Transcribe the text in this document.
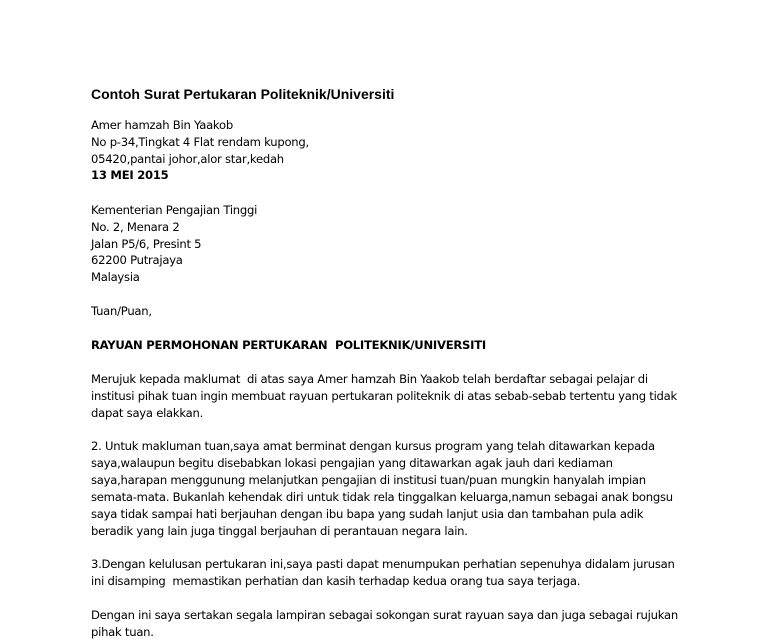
Contoh Surat Pertukaran Politeknik/Universiti
Amer hamzah Bin Yaakob
No p-34,Tingkat 4 Flat rendam kupong,
05420,pantai johor,alor star,kedah
13 MEI 2015
Kementerian Pengajian Tinggi
No. 2, Menara 2
Jalan P5/6, Presint 5
62200 Putrajaya
Malaysia
Tuan/Puan,
RAYUAN PERMOHONAN PERTUKARAN  POLITEKNIK/UNIVERSITI
Merujuk kepada maklumat  di atas saya Amer hamzah Bin Yaakob telah berdaftar sebagai pelajar di
institusi pihak tuan ingin membuat rayuan pertukaran politeknik di atas sebab-sebab tertentu yang tidak
dapat saya elakkan.
2. Untuk makluman tuan,saya amat berminat dengan kursus program yang telah ditawarkan kepada
saya,walaupun begitu disebabkan lokasi pengajian yang ditawarkan agak jauh dari kediaman
saya,harapan menggunung melanjutkan pengajian di institusi tuan/puan mungkin hanyalah impian
semata-mata. Bukanlah kehendak diri untuk tidak rela tinggalkan keluarga,namun sebagai anak bongsu
saya tidak sampai hati berjauhan dengan ibu bapa yang sudah lanjut usia dan tambahan pula adik
beradik yang lain juga tinggal berjauhan di perantauan negara lain.
3.Dengan kelulusan pertukaran ini,saya pasti dapat menumpukan perhatian sepenuhya didalam jurusan
ini disamping  memastikan perhatian dan kasih terhadap kedua orang tua saya terjaga.
Dengan ini saya sertakan segala lampiran sebagai sokongan surat rayuan saya dan juga sebagai rujukan
pihak tuan.
